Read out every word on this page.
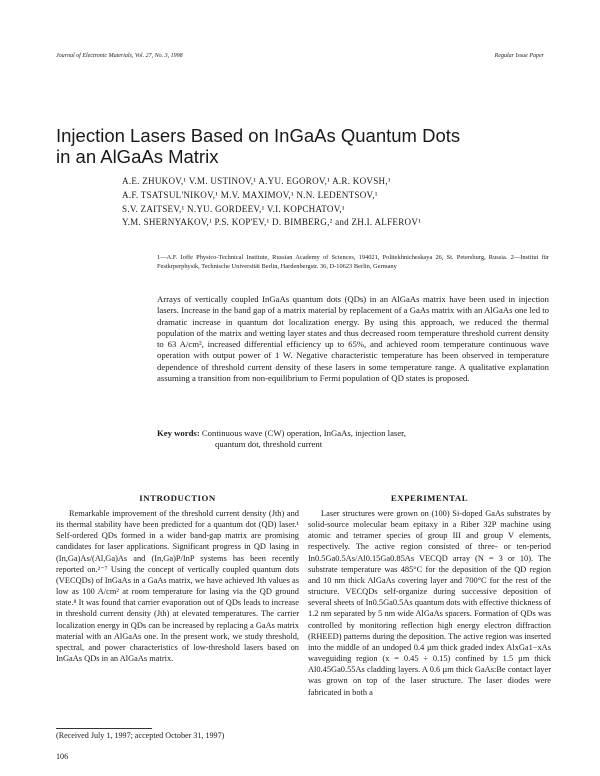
Journal of Electronic Materials, Vol. 27, No. 3, 1998	Regular Issue Paper
Injection Lasers Based on InGaAs Quantum Dots
in an AlGaAs Matrix
A.E. ZHUKOV,¹ V.M. USTINOV,¹ A.YU. EGOROV,¹ A.R. KOVSH,¹
A.F. TSATSUL'NIKOV,¹ M.V. MAXIMOV,¹ N.N. LEDENTSOV,¹
S.V. ZAITSEV,¹ N.YU. GORDEEV,¹ V.I. KOPCHATOV,¹
Y.M. SHERNYAKOV,¹ P.S. KOP'EV,¹ D. BIMBERG,² and ZH.I. ALFEROV¹
1—A.F. Ioffe Physico-Technical Institute, Russian Academy of Sciences, 194021, Politekhnicheskaya 26, St. Petersburg, Russia. 2—Institut für Festkrperphysik, Technische Universität Berlin, Hardenbergstr. 36, D-10623 Berlin, Germany
Arrays of vertically coupled InGaAs quantum dots (QDs) in an AlGaAs matrix have been used in injection lasers. Increase in the band gap of a matrix material by replacement of a GaAs matrix with an AlGaAs one led to dramatic increase in quantum dot localization energy. By using this approach, we reduced the thermal population of the matrix and wetting layer states and thus decreased room temperature threshold current density to 63 A/cm², increased differential efficiency up to 65%, and achieved room temperature continuous wave operation with output power of 1 W. Negative characteristic temperature has been observed in temperature dependence of threshold current density of these lasers in some temperature range. A qualitative explanation assuming a transition from non-equilibrium to Fermi population of QD states is proposed.
Key words: Continuous wave (CW) operation, InGaAs, injection laser,
quantum dot, threshold current
INTRODUCTION	EXPERIMENTAL

Remarkable improvement of the threshold current density (Jth) and its thermal stability have been predicted for a quantum dot (QD) laser.¹ Self-ordered QDs formed in a wider band-gap matrix are promising candidates for laser applications. Significant progress in QD lasing in (In,Ga)As/(Al,Ga)As and (In,Ga)P/InP systems has been recently reported on.²⁻⁷ Using the concept of vertically coupled quantum dots (VECQDs) of InGaAs in a GaAs matrix, we have achieved Jth values as low as 100 A/cm² at room temperature for lasing via the QD ground state.⁸ It was found that carrier evaporation out of QDs leads to increase in threshold current density (Jth) at elevated temperatures. The carrier localization energy in QDs can be increased by replacing a GaAs matrix material with an AlGaAs one. In the present work, we study threshold, spectral, and power characteristics of low-threshold lasers based on InGaAs QDs in an AlGaAs matrix.

Laser structures were grown on (100) Si-doped GaAs substrates by solid-source molecular beam epitaxy in a Riber 32P machine using atomic and tetramer species of group III and group V elements, respectively. The active region consisted of three- or ten-period In0.5Ga0.5As/Al0.15Ga0.85As VECQD array (N = 3 or 10). The substrate temperature was 485°C for the deposition of the QD region and 10 nm thick AlGaAs covering layer and 700°C for the rest of the structure. VECQDs self-organize during successive deposition of several sheets of In0.5Ga0.5As quantum dots with effective thickness of 1.2 nm separated by 5 nm wide AlGaAs spacers. Formation of QDs was controlled by monitoring reflection high energy electron diffraction (RHEED) patterns during the deposition. The active region was inserted into the middle of an undoped 0.4 µm thick graded index AlxGa1−xAs waveguiding region (x = 0.45 ÷ 0.15) confined by 1.5 µm thick Al0.45Ga0.55As cladding layers. A 0.6 µm thick GaAs:Be contact layer was grown on top of the laser structure. The laser diodes were fabricated in both a

(Received July 1, 1997; accepted October 31, 1997)
106
